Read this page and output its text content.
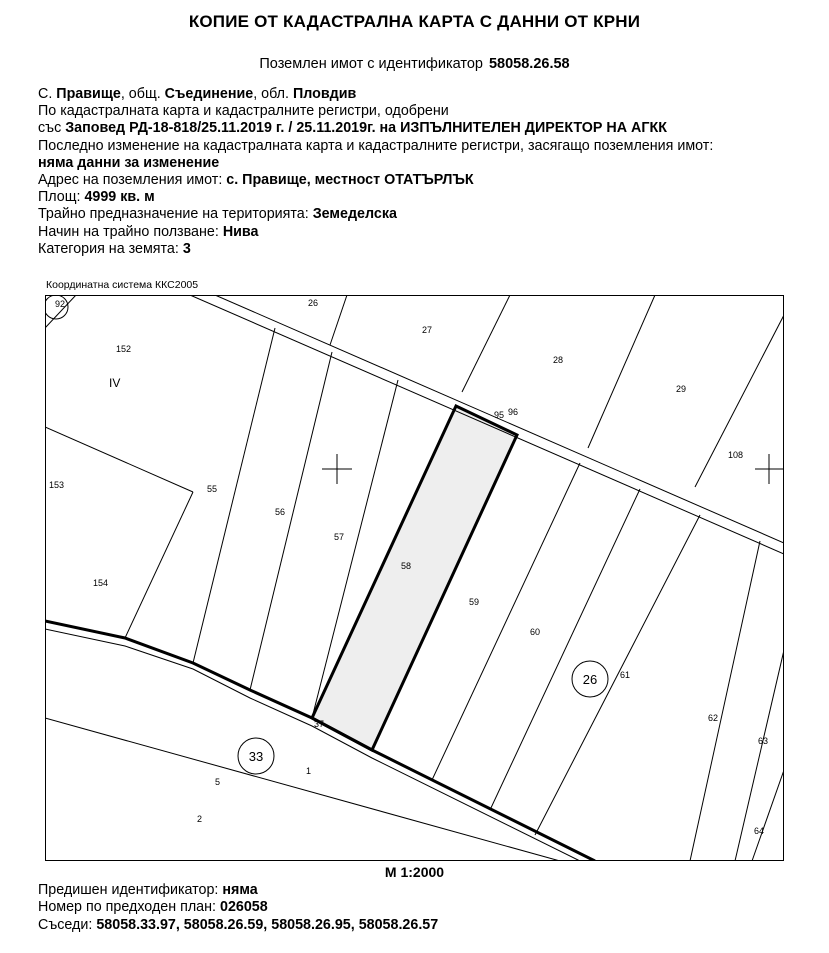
КОПИЕ ОТ КАДАСТРАЛНА КАРТА С ДАННИ ОТ КРНИ
Поземлен имот с идентификатор 58058.26.58
С. Правище, общ. Съединение, обл. Пловдив
По кадастралната карта и кадастралните регистри, одобрени
със Заповед РД-18-818/25.11.2019 г. / 25.11.2019г. на ИЗПЪЛНИТЕЛЕН ДИРЕКТОР НА АГКК
Последно изменение на кадастралната карта и кадастралните регистри, засягащо поземления имот:
няма данни за изменение
Адрес на поземления имот: с. Правище, местност ОТАТЪРЛЪК
Площ: 4999 кв. м
Трайно предназначение на територията: Земеделска
Начин на трайно ползване: Нива
Категория на земята: 3
Координатна система ККС2005
26
27
28
29
95 96
108
152
153
154
55
56
57
58
59
60
61
62
63
64
37
1
2
5
92
IV
33
26
М 1:2000
Предишен идентификатор: няма
Номер по предходен план: 026058
Съседи: 58058.33.97, 58058.26.59, 58058.26.95, 58058.26.57
